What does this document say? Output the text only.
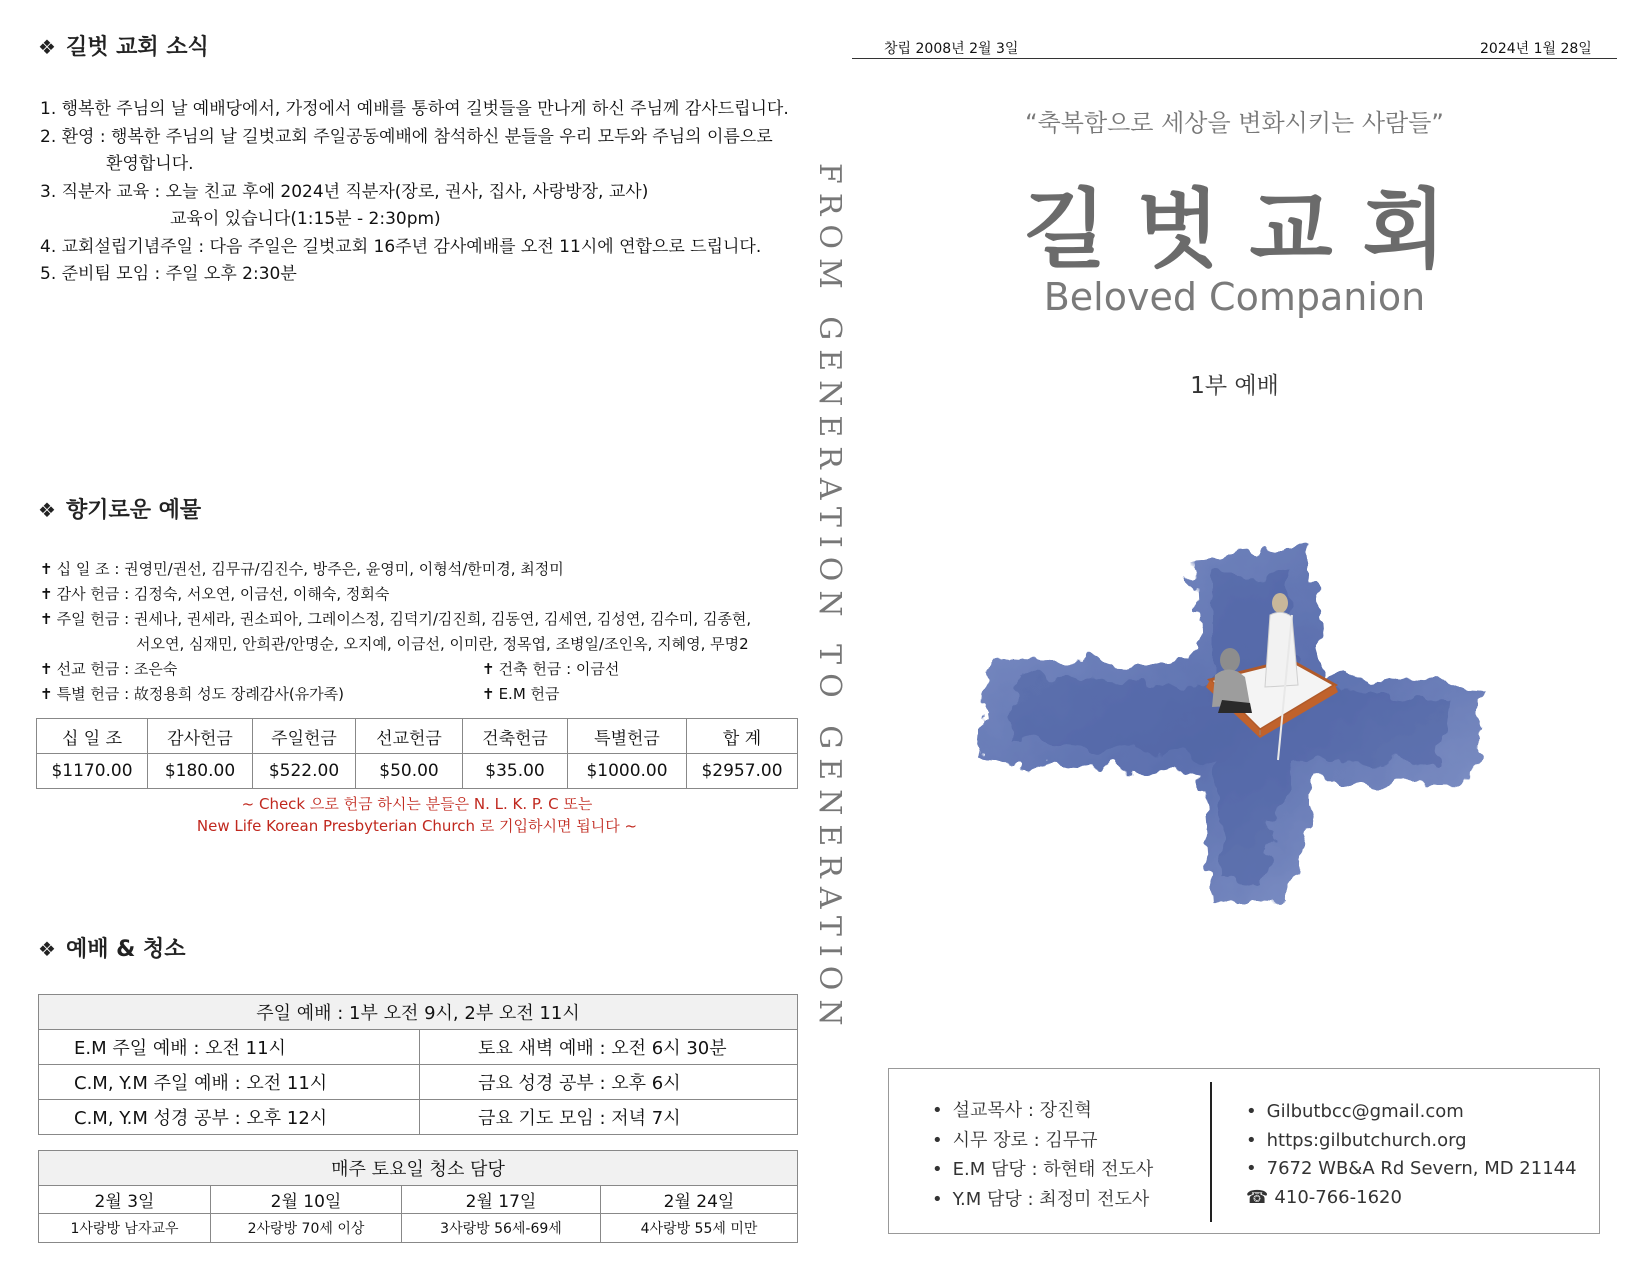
❖ 길벗 교회 소식
1. 행복한 주님의 날 예배당에서, 가정에서 예배를 통하여 길벗들을 만나게 하신 주님께 감사드립니다.
2. 환영 : 행복한 주님의 날 길벗교회 주일공동예배에 참석하신 분들을 우리 모두와 주님의 이름으로
환영합니다.
3. 직분자 교육 : 오늘 친교 후에 2024년 직분자(장로, 권사, 집사, 사랑방장, 교사)
교육이 있습니다(1:15분 - 2:30pm)
4. 교회설립기념주일 : 다음 주일은 길벗교회 16주년 감사예배를 오전 11시에 연합으로 드립니다.
5. 준비팀 모임 : 주일 오후 2:30분
❖ 향기로운 예물
✝ 십 일 조 : 권영민/권선, 김무규/김진수, 방주은, 윤영미, 이형석/한미경, 최정미
✝ 감사 헌금 : 김정숙, 서오연, 이금선, 이해숙, 정회숙
✝ 주일 헌금 : 권세나, 권세라, 권소피아, 그레이스정, 김덕기/김진희, 김동연, 김세연, 김성연, 김수미, 김종현,
서오연, 심재민, 안희관/안명순, 오지예, 이금선, 이미란, 정목엽, 조병일/조인옥, 지혜영, 무명2
✝ 선교 헌금 : 조은숙	✝ 건축 헌금 : 이금선
✝ 특별 헌금 : 故정용희 성도 장례감사(유가족)	✝ E.M 헌금
십 일 조	감사헌금	주일헌금	선교헌금	건축헌금	특별헌금	합 계
$1170.00	$180.00	$522.00	$50.00	$35.00	$1000.00	$2957.00
~ Check 으로 헌금 하시는 분들은 N. L. K. P. C 또는
New Life Korean Presbyterian Church 로 기입하시면 됩니다 ~
❖ 예배 & 청소
주일 예배 : 1부 오전 9시, 2부 오전 11시	
E.M 주일 예배 : 오전 11시	토요 새벽 예배 : 오전 6시 30분
C.M, Y.M 주일 예배 : 오전 11시	금요 성경 공부 : 오후 6시
C.M, Y.M 성경 공부 : 오후 12시	금요 기도 모임 : 저녁 7시
매주 토요일 청소 담당			
2월 3일	2월 10일	2월 17일	2월 24일
1사랑방 남자교우	2사랑방 70세 이상	3사랑방 56세-69세	4사랑방 55세 미만
FROM GENERATION TO GENERATION
창립 2008년 2월 3일	2024년 1월 28일
“축복함으로 세상을 변화시키는 사람들”
길벗교회
Beloved Companion
1부 예배
• 설교목사 : 장진혁
• 시무 장로 : 김무규
• E.M 담당 : 하현태 전도사
• Y.M 담당 : 최정미 전도사
• Gilbutbcc@gmail.com
• https:gilbutchurch.org
• 7672 WB&A Rd Severn, MD 21144
☎ 410-766-1620
